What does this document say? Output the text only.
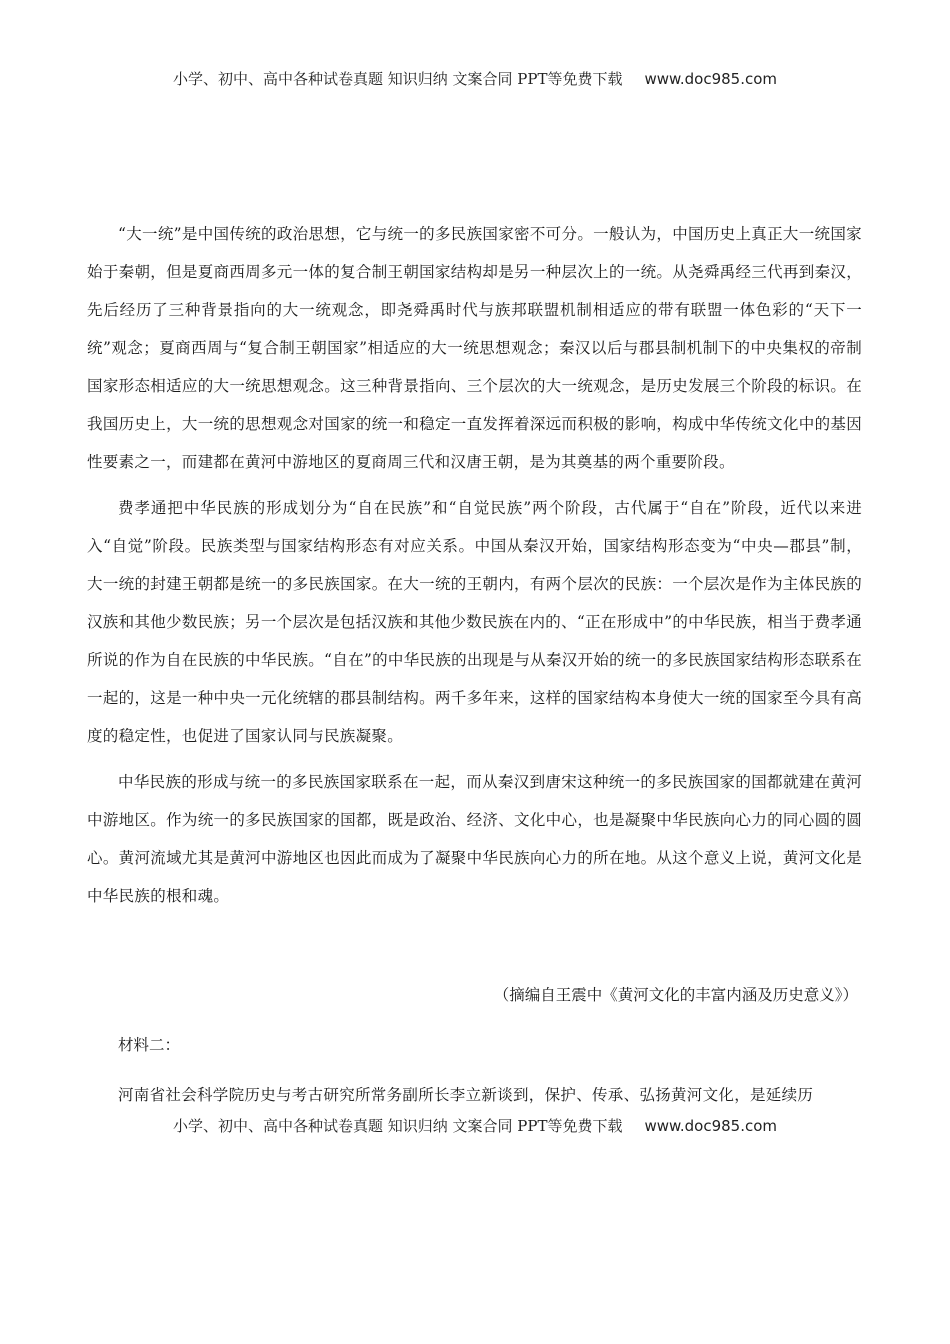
小学、初中、高中各种试卷真题 知识归纳 文案合同 PPT等免费下载 www.doc985.com

“大一统”是中国传统的政治思想，它与统一的多民族国家密不可分。一般认为，中国历史上真正大一统国家始于秦朝，但是夏商西周多元一体的复合制王朝国家结构却是另一种层次上的一统。从尧舜禹经三代再到秦汉，先后经历了三种背景指向的大一统观念，即尧舜禹时代与族邦联盟机制相适应的带有联盟一体色彩的“天下一统”观念；夏商西周与“复合制王朝国家”相适应的大一统思想观念；秦汉以后与郡县制机制下的中央集权的帝制国家形态相适应的大一统思想观念。这三种背景指向、三个层次的大一统观念，是历史发展三个阶段的标识。在我国历史上，大一统的思想观念对国家的统一和稳定一直发挥着深远而积极的影响，构成中华传统文化中的基因性要素之一，而建都在黄河中游地区的夏商周三代和汉唐王朝，是为其奠基的两个重要阶段。

费孝通把中华民族的形成划分为“自在民族”和“自觉民族”两个阶段，古代属于“自在”阶段，近代以来进入“自觉”阶段。民族类型与国家结构形态有对应关系。中国从秦汉开始，国家结构形态变为“中央—郡县”制，大一统的封建王朝都是统一的多民族国家。在大一统的王朝内，有两个层次的民族：一个层次是作为主体民族的汉族和其他少数民族；另一个层次是包括汉族和其他少数民族在内的、“正在形成中”的中华民族，相当于费孝通所说的作为自在民族的中华民族。“自在”的中华民族的出现是与从秦汉开始的统一的多民族国家结构形态联系在一起的，这是一种中央一元化统辖的郡县制结构。两千多年来，这样的国家结构本身使大一统的国家至今具有高度的稳定性，也促进了国家认同与民族凝聚。

中华民族的形成与统一的多民族国家联系在一起，而从秦汉到唐宋这种统一的多民族国家的国都就建在黄河中游地区。作为统一的多民族国家的国都，既是政治、经济、文化中心，也是凝聚中华民族向心力的同心圆的圆心。黄河流域尤其是黄河中游地区也因此而成为了凝聚中华民族向心力的所在地。从这个意义上说，黄河文化是中华民族的根和魂。

（摘编自王震中《黄河文化的丰富内涵及历史意义》）
材料二：
河南省社会科学院历史与考古研究所常务副所长李立新谈到，保护、传承、弘扬黄河文化，是延续历
小学、初中、高中各种试卷真题 知识归纳 文案合同 PPT等免费下载 www.doc985.com
